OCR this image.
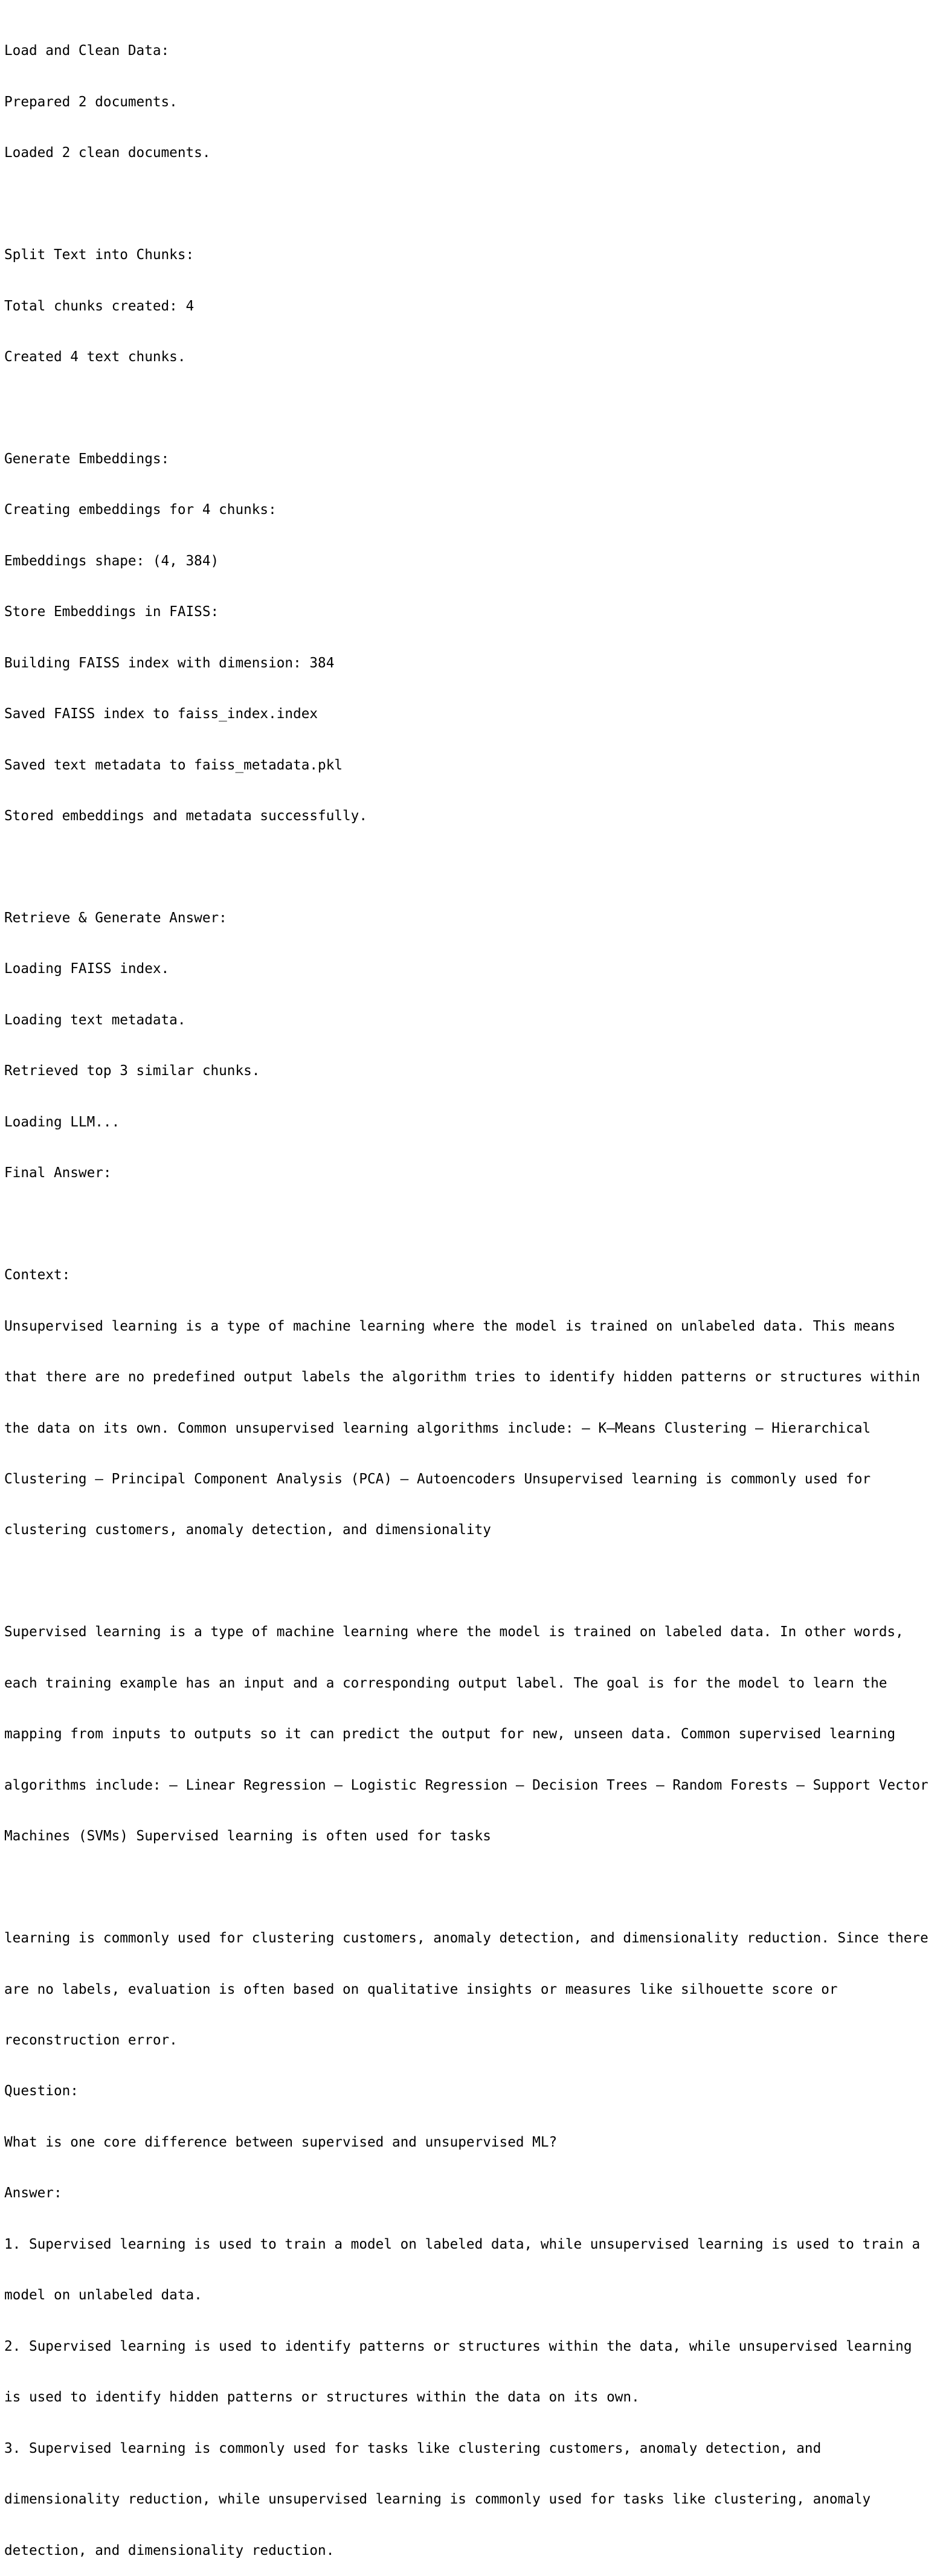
Load and Clean Data:

Prepared 2 documents.

Loaded 2 clean documents.

Split Text into Chunks:

Total chunks created: 4

Created 4 text chunks.

Generate Embeddings:

Creating embeddings for 4 chunks:

Embeddings shape: (4, 384)

Store Embeddings in FAISS:

Building FAISS index with dimension: 384

Saved FAISS index to faiss_index.index

Saved text metadata to faiss_metadata.pkl

Stored embeddings and metadata successfully.

Retrieve & Generate Answer:

Loading FAISS index.

Loading text metadata.

Retrieved top 3 similar chunks.

Loading LLM...

Final Answer:

Context:

Unsupervised learning is a type of machine learning where the model is trained on unlabeled data. This means

that there are no predefined output labels the algorithm tries to identify hidden patterns or structures within

the data on its own. Common unsupervised learning algorithms include: – K–Means Clustering – Hierarchical

Clustering – Principal Component Analysis (PCA) – Autoencoders Unsupervised learning is commonly used for

clustering customers, anomaly detection, and dimensionality

Supervised learning is a type of machine learning where the model is trained on labeled data. In other words,

each training example has an input and a corresponding output label. The goal is for the model to learn the

mapping from inputs to outputs so it can predict the output for new, unseen data. Common supervised learning

algorithms include: – Linear Regression – Logistic Regression – Decision Trees – Random Forests – Support Vector

Machines (SVMs) Supervised learning is often used for tasks

learning is commonly used for clustering customers, anomaly detection, and dimensionality reduction. Since there

are no labels, evaluation is often based on qualitative insights or measures like silhouette score or

reconstruction error.

Question:

What is one core difference between supervised and unsupervised ML?

Answer:

1. Supervised learning is used to train a model on labeled data, while unsupervised learning is used to train a

model on unlabeled data.

2. Supervised learning is used to identify patterns or structures within the data, while unsupervised learning

is used to identify hidden patterns or structures within the data on its own.

3. Supervised learning is commonly used for tasks like clustering customers, anomaly detection, and

dimensionality reduction, while unsupervised learning is commonly used for tasks like clustering, anomaly

detection, and dimensionality reduction.
